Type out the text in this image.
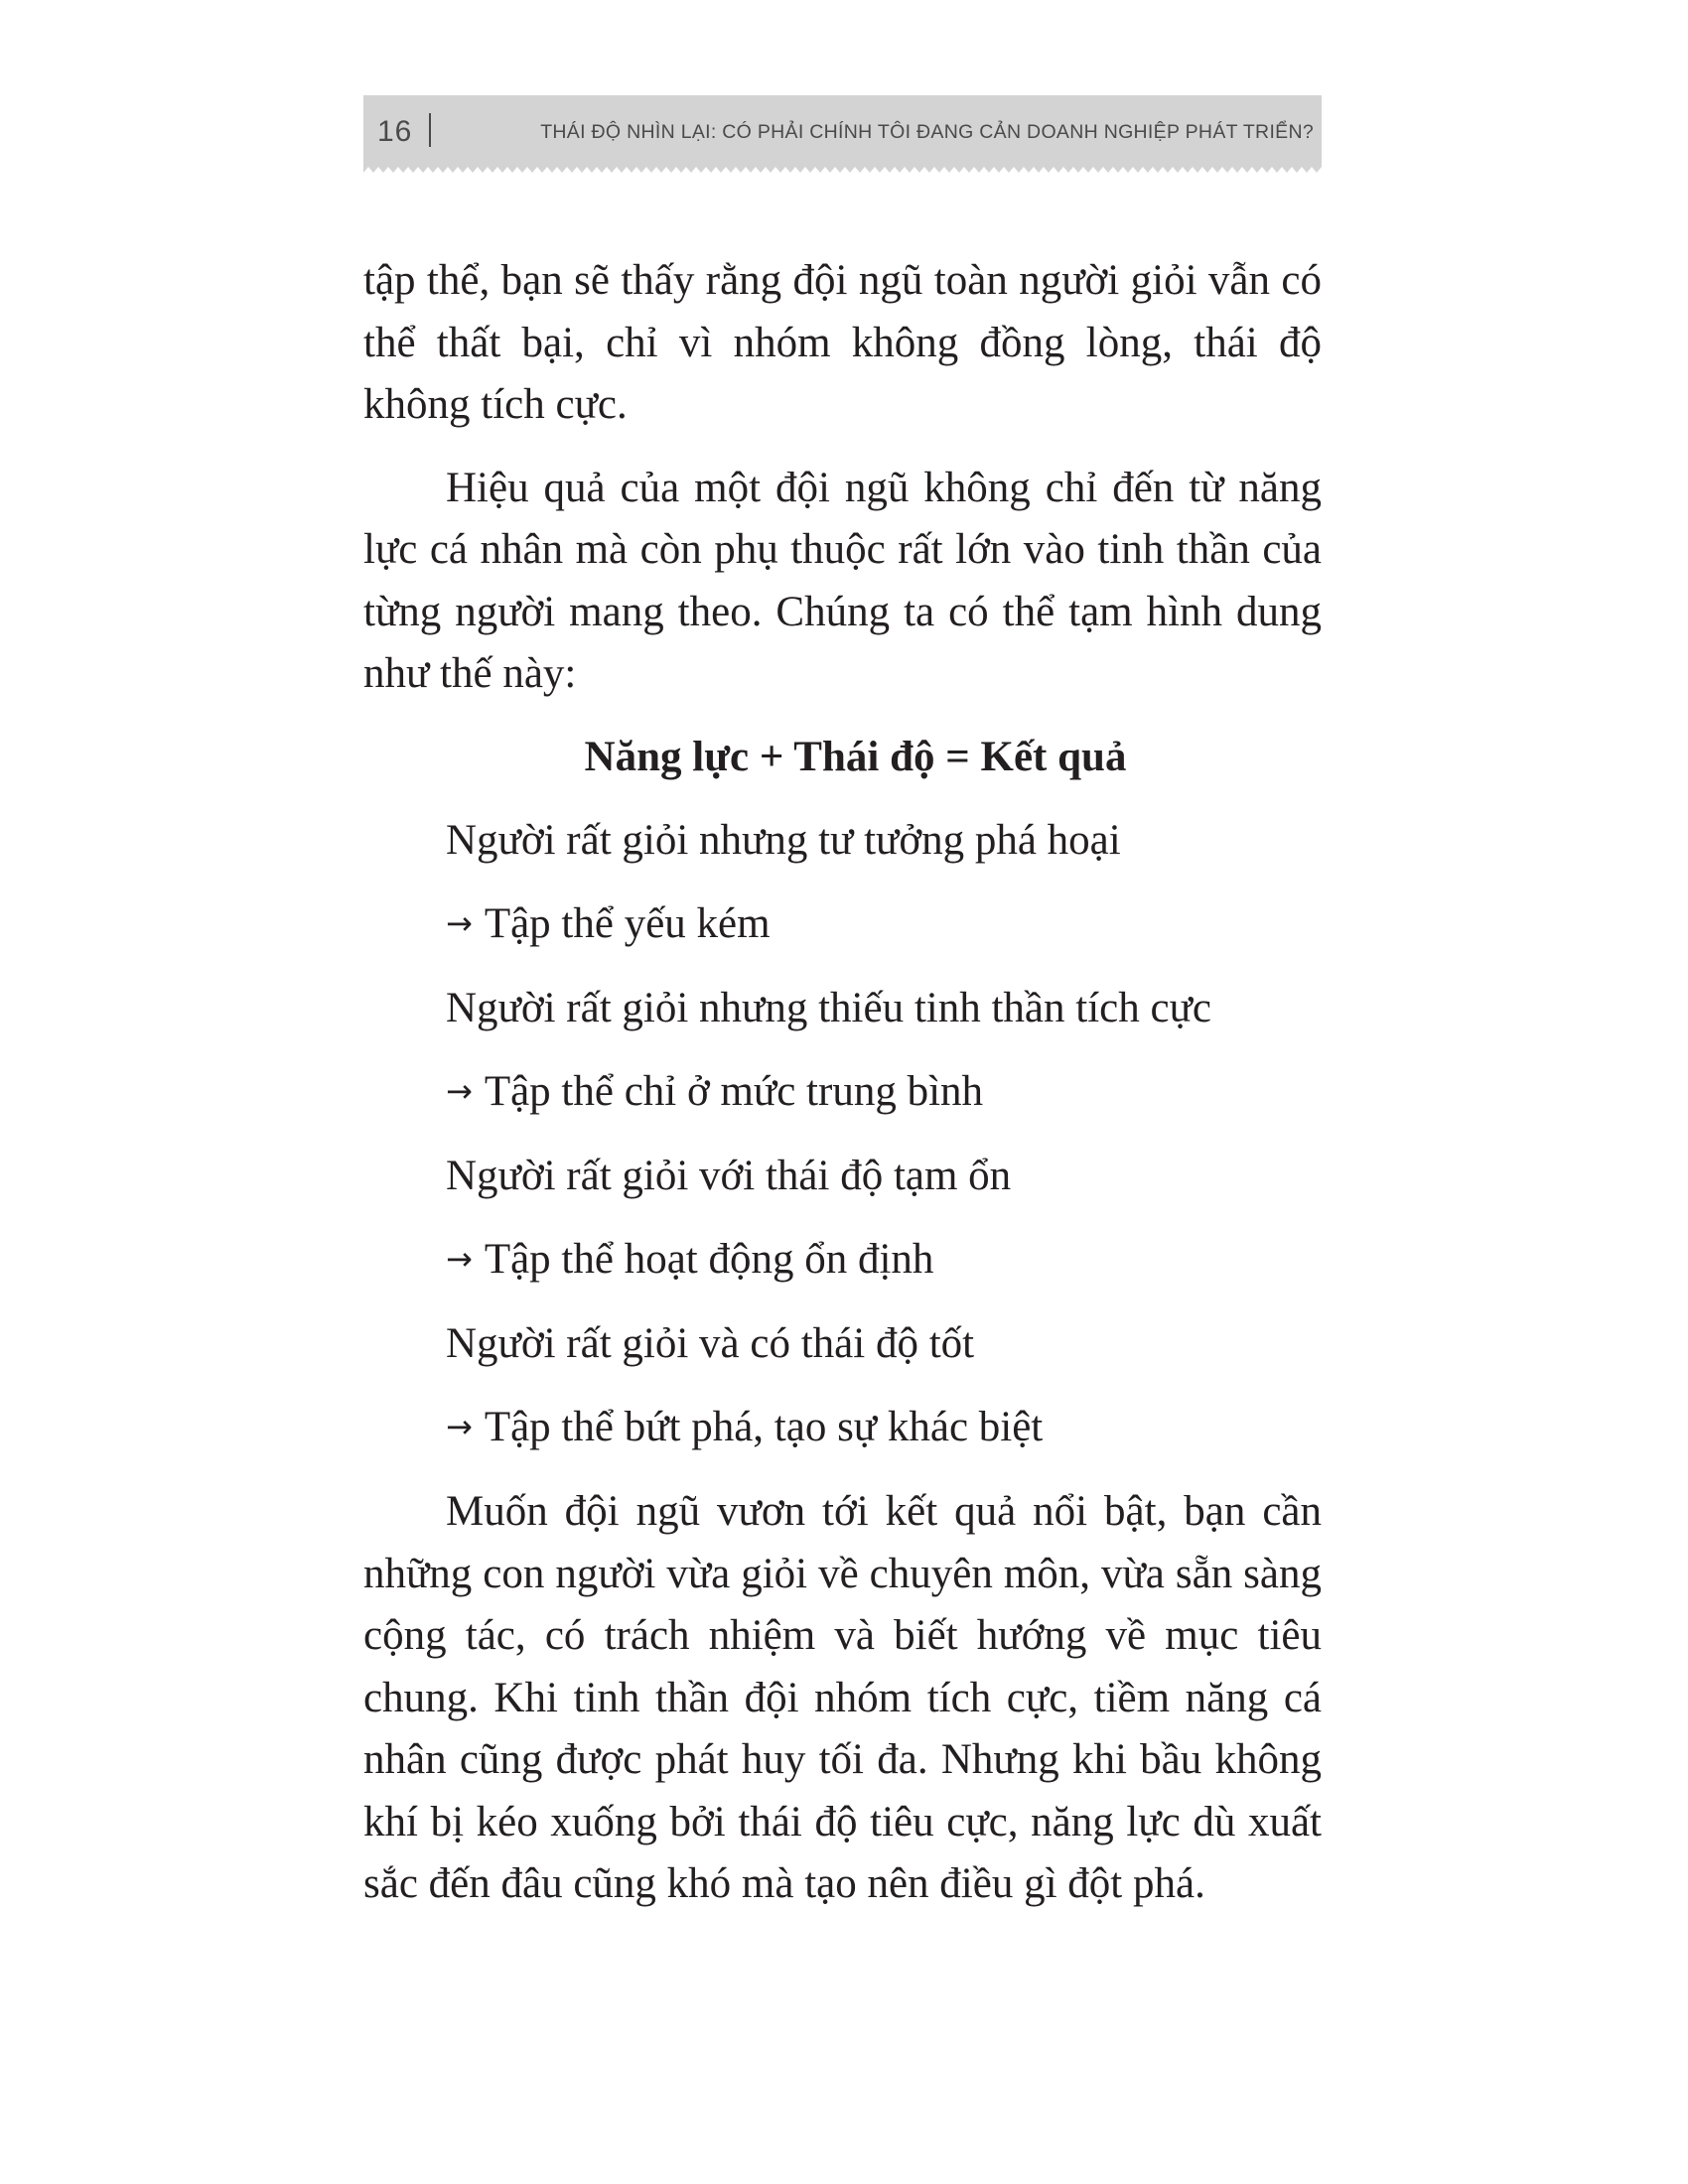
16	THÁI ĐỘ NHÌN LẠI: CÓ PHẢI CHÍNH TÔI ĐANG CẢN DOANH NGHIỆP PHÁT TRIỂN?

tập thể, bạn sẽ thấy rằng đội ngũ toàn người giỏi vẫn có thể thất bại, chỉ vì nhóm không đồng lòng, thái độ không tích cực.

Hiệu quả của một đội ngũ không chỉ đến từ năng lực cá nhân mà còn phụ thuộc rất lớn vào tinh thần của từng người mang theo. Chúng ta có thể tạm hình dung như thế này:

Năng lực + Thái độ = Kết quả

Người rất giỏi nhưng tư tưởng phá hoại
→ Tập thể yếu kém
Người rất giỏi nhưng thiếu tinh thần tích cực
→ Tập thể chỉ ở mức trung bình
Người rất giỏi với thái độ tạm ổn
→ Tập thể hoạt động ổn định
Người rất giỏi và có thái độ tốt
→ Tập thể bứt phá, tạo sự khác biệt

Muốn đội ngũ vươn tới kết quả nổi bật, bạn cần những con người vừa giỏi về chuyên môn, vừa sẵn sàng cộng tác, có trách nhiệm và biết hướng về mục tiêu chung. Khi tinh thần đội nhóm tích cực, tiềm năng cá nhân cũng được phát huy tối đa. Nhưng khi bầu không khí bị kéo xuống bởi thái độ tiêu cực, năng lực dù xuất sắc đến đâu cũng khó mà tạo nên điều gì đột phá.
